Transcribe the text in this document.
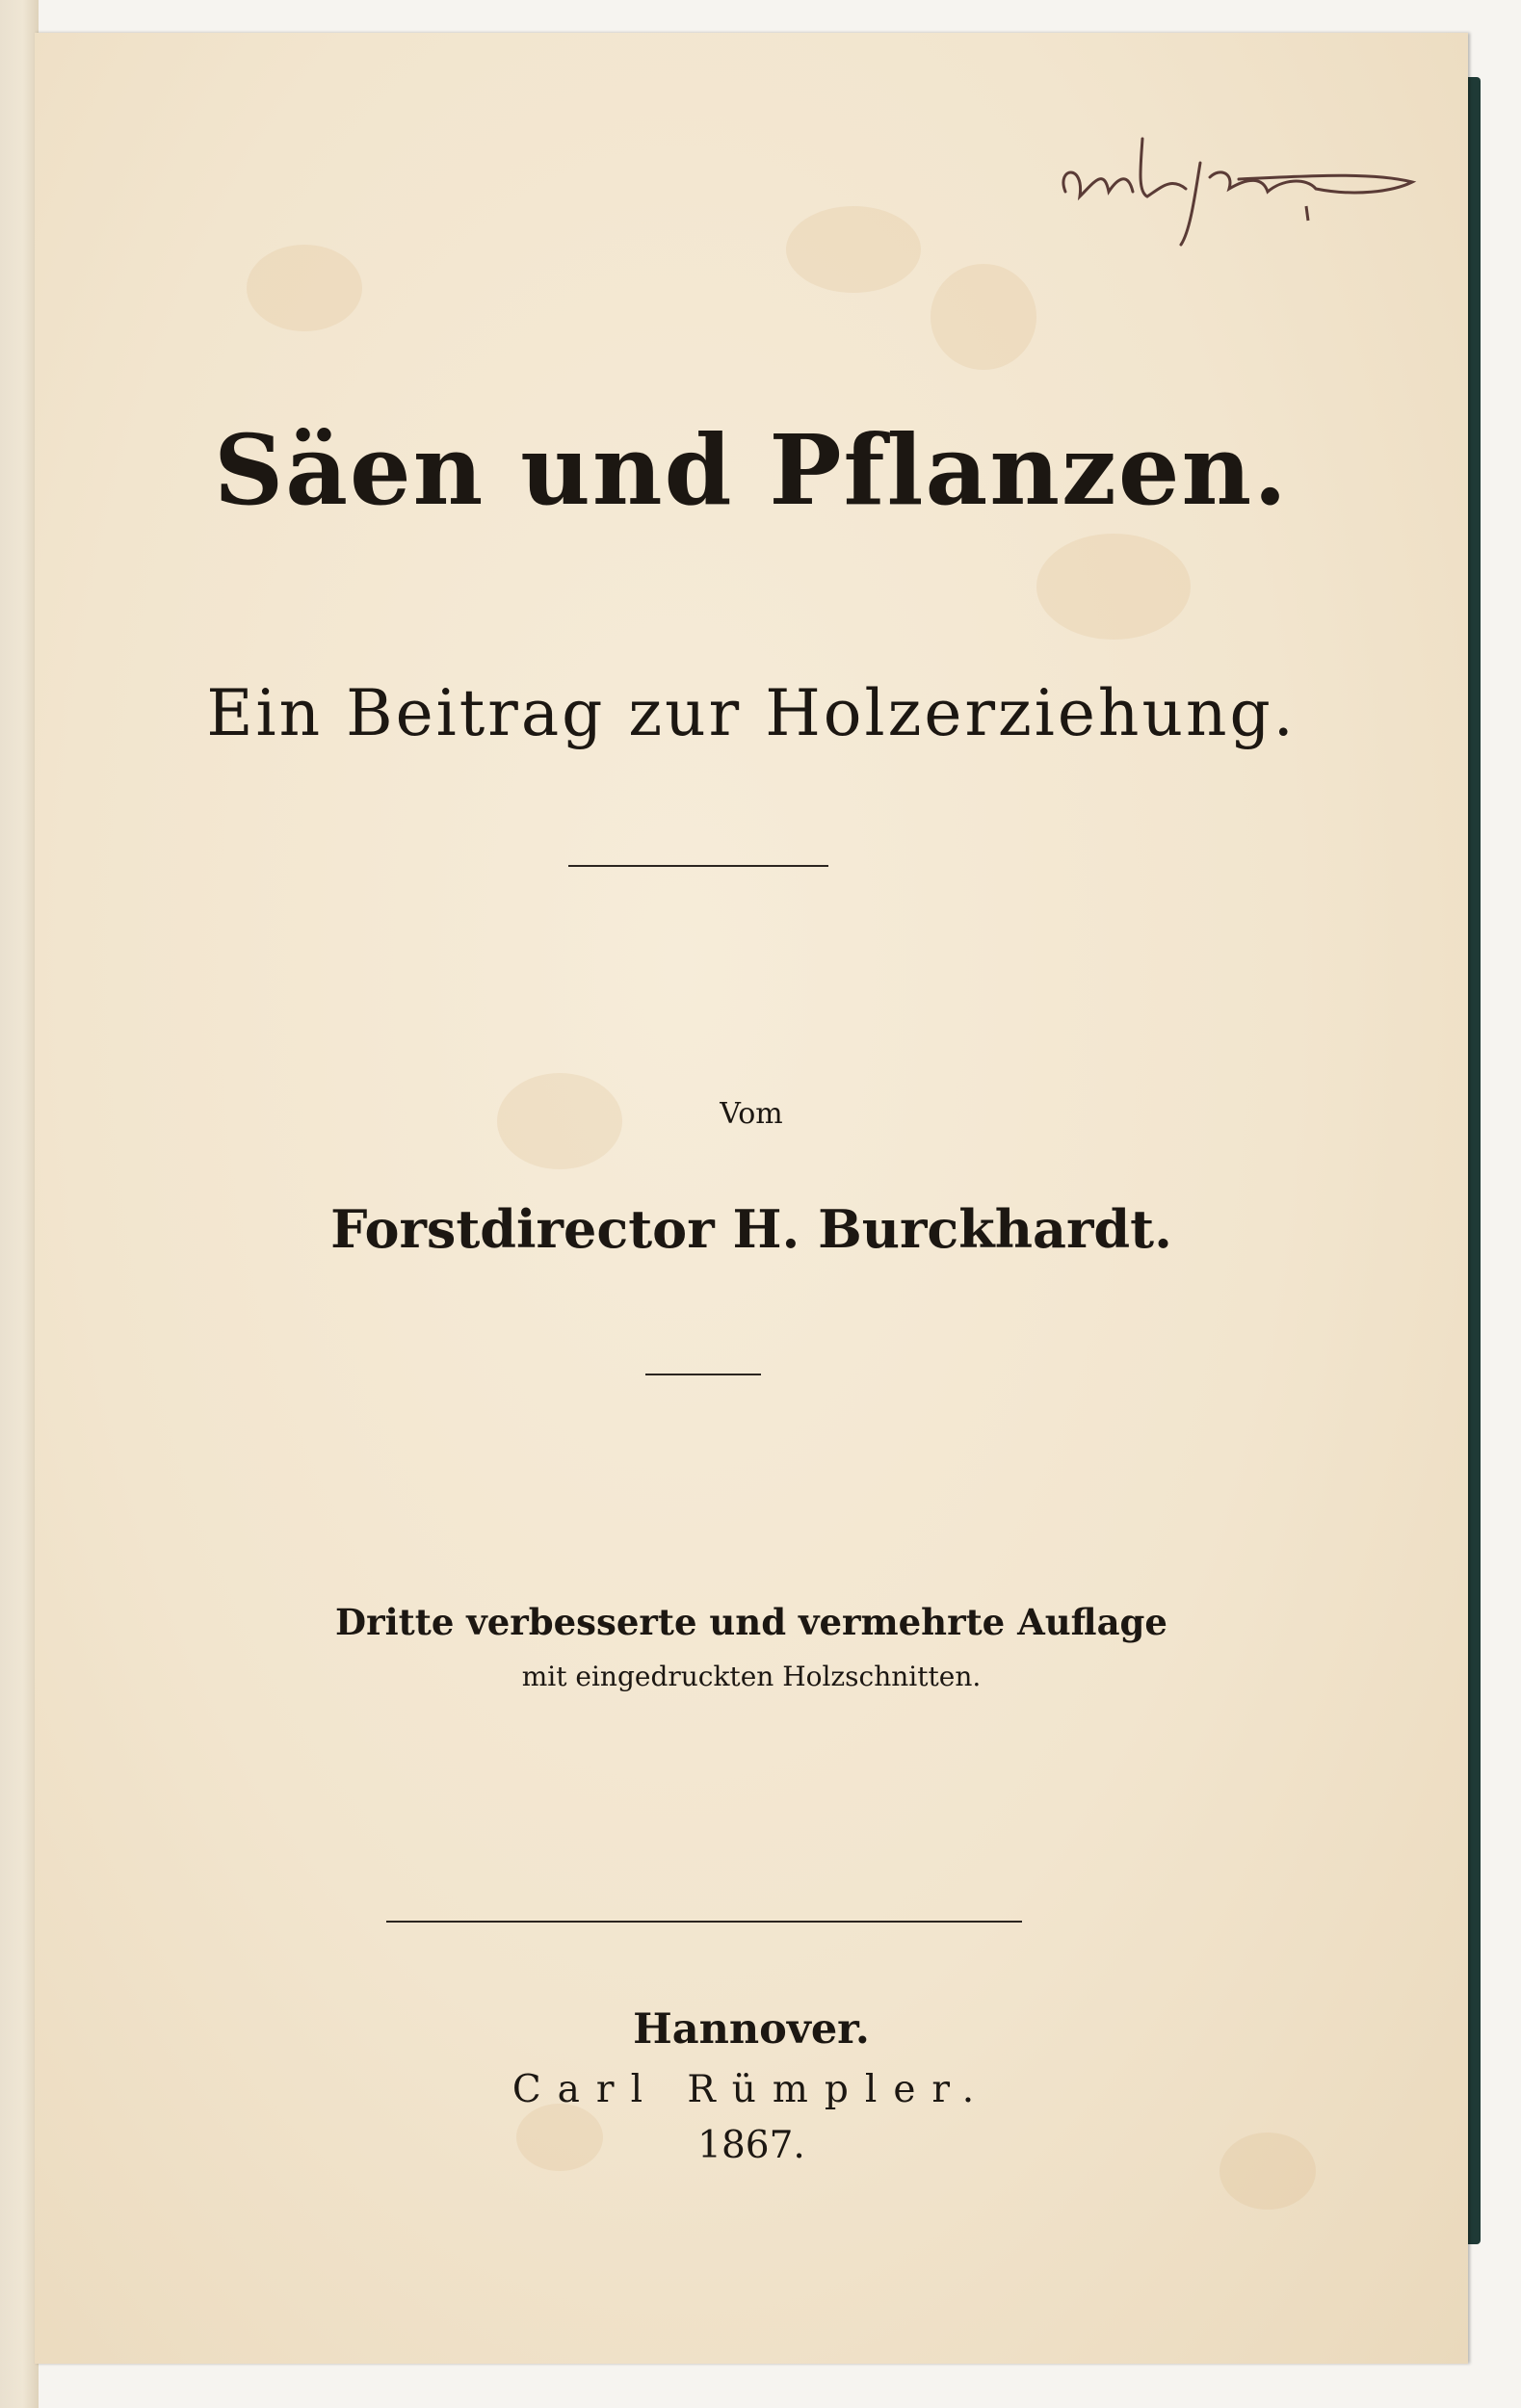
Säen und Pflanzen.
Ein Beitrag zur Holzerziehung.
Vom
Forstdirector H. Burckhardt.
Dritte verbesserte und vermehrte Auflage
mit eingedruckten Holzschnitten.
Hannover.
Carl Rümpler.
1867.
